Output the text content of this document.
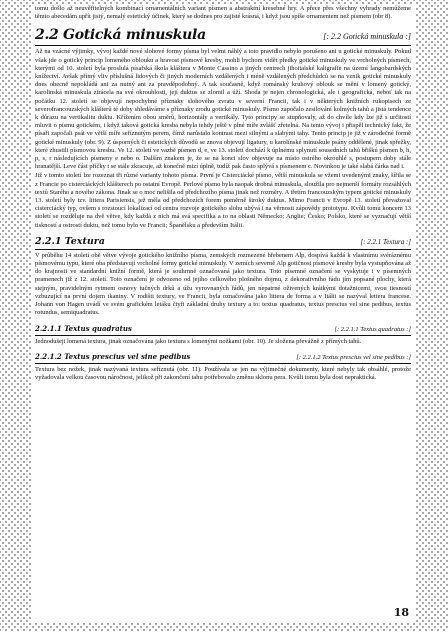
tomu došlo až neuvěřitelných kombinací ornamentálních variant písmen a abstraktní kresebné hry. A přece přes všechny vyhrady nemůžeme těmto abecedám upřít jistý, nemalý estetický účinek, který se dodnes pro zajisté krásná, i když jsou spíše ornamentem než písmem (obr 8).

2.2 Gotická minuskula	[: 2.2 Gotická minuskula :]

Až na vzácné výjimky, vývoj každé nové slohové formy písma byl velmi náhlý a toto pravidlo nebylo porušeno ani u gotické minuskuly. Pokud však jde o gotický princip lomeného oblouku a hravost písmové kresby, mohli bychom vidět předky gotické minuskuly ve vrcholných písmech, kterými od 10. století byla proslulá písařská škola kláštera v Monte Cassino a jiných centrech jihoitalské kaligrafie na území langobardských knížectví. Avšak přímý vliv příslušná lidových či jiných moderních vzdálených i méně vzdálených předchůdců se na vznik gotické minuskuly dnes obecně nepokládá ani za nutný ani za pravděpodobný. A tak současně, když románský kruhový oblouk se mění v lomený gotický, karolinská minuskula ztrácela na své okrouhlosti, její duktus se zlomil a úží. Shoda je nejen chronologická, ale i geografická, neboť tak na počátku 12. století se objevují nepochybné příznaky slohového zvratu v severní Francii, tak i v některých knižních rukopisech ze severofrancouzských klášterů té doby shledáváme s příznaky zrodu gotické minuskuly. Písmo započalo zesilování kolmých tahů a jistá tendence k důrazu na vertikalitu duktu. Křížením obou směrů, horizontály a vertikály. Tyto principy se stupňovaly, až do chvíle kdy lze již s určitostí mluvit o písmu gotickém, i když taková gotická kresba nebyla tehdy ještě v plné míře zvlášť zřetelná. Na tento vývoj i přispěl technický fakt, že písaři započali psát ve větší míře seříznutým perem, čímž narůstalo kontrast mezi silnými a slabými tahy. Tento princip je již v zárodečné formě gotické minuskuly (obr. 9). Z úsporných či estetických důvodů se znova objevují ligatury, u karolínské minuskule psány oddělené, jinak spřežky, které zhustili písmovou kresbu. Ve 12. století ve vazbě písmen d, e, ve 13. století dochází k úplnému splynutí sousedních tahů břiškú písmen b, h, p, s, r následujících písmeny e nebo o. Dalším znakem je, že se na konci slov objevuje na místo ostrého okrouhlé s, postupem doby stále hranatější. Leve část příčky t se stále zkracuje, až konečně mizí úplně, tudíž pak často splývá s písmenem c. Novinkou je také slabá čárka nad i.

Již v tomto století lze rozeznat tři různé varianty tohoto písma. První je Cisterciácké písmo, větší minuskula se vžemi uvedenými znaky, šířila se z Francie po cisterciáckých klášterech po ostatní Evropě. Perlové písmo byla naopak drobná minuskula, sloužila pro nejmenší formáty rozsáhlých textů Starého a nového zákona. Jinak se o moc nelišila od předchozího písma jinak než rozměry. A třetím francouzským typem gotické minuskuly 13. století byly tzv. littera Parisiensis, jež měla od předchozích forem poměrně široký duktus. Mimo Francii v Evropě 13. století převažoval cisterciácký typ, ovšem s rozstoucí lokalizací od centra rozvoje gotického slohu ubývá i na věrnosti zápovědy prototypu. Kvůli tomu koncem 13 století se rozděluje na dvě větve, kdy každá z nich má svá specifika a to na oblasti Německo; Anglie; Česko; Polsko, které se vyznačují větší tiskností a ostrostí duktu, než tomu bylo ve Francii; Španělsku a především Itálii.

2.2.1 Textura	[: 2.2.1 Textura :]

V průběhu 14 století obě větve vývoje gotického knižního písma, zemských rozmezené hřebenem Alp, dospívá každá k vlastnímu svéráznému písmovému typu, které oba představují vrcholné formy gotické minuskuly. V zemích severně Alp gotičnost písmové kresby byla vystupňována až do krajnosti ve standardní knižní formě, která je souhrnně označovaná jako textura. Toto písemné označení se vyskytuje i v písemných pramenech již z 12. století. Toto označení je odvozeno od jejího celkového plošného dojmu, z dekorativního řádu jím popsané plochy, která stejným, pravidelným rytmem osnovy tučných drků a úžu vyrovnaných řádů, jen nepatrné oživených krátkými dotažnicemi, svou tiesností vzbuzující na první dojem tkaniny. V rodišti textury, ve Francii, byla označována jako littera de forma a v Itálii se nazýval lettera francese. Johann von Hagen uvádí ve svém grafickém letáku čtyři základní druhy textury a to: textus quadratus, textus prescius vel sine pedibus, textus rotundus, semiquadratus.

2.2.1.1 Textus quadratus	[: 2.2.1.1 Textus quadratus :]

Jednodušeji lomená textura, jinak označována jako textura s lomenými nožkami (obr. 10). Je složena převážně z přímých tahů.

2.2.1.2 Textus prescius vel sine pedibus	[: 2.2.1.2 Textus prescius vel sine pedibus :]

Textura bez nožek, jinak nazývaná textura seříznutá (obr. 11). Používala se jen na výjimečné dokumenty, které nebyly tak obsáhlé, protože vyžadovala velkou časovou náročnost, jelikož při zakončení tahu potřebovalo změnu sklonu pera. Kvůli tomu byla dost nepraktická.

18
